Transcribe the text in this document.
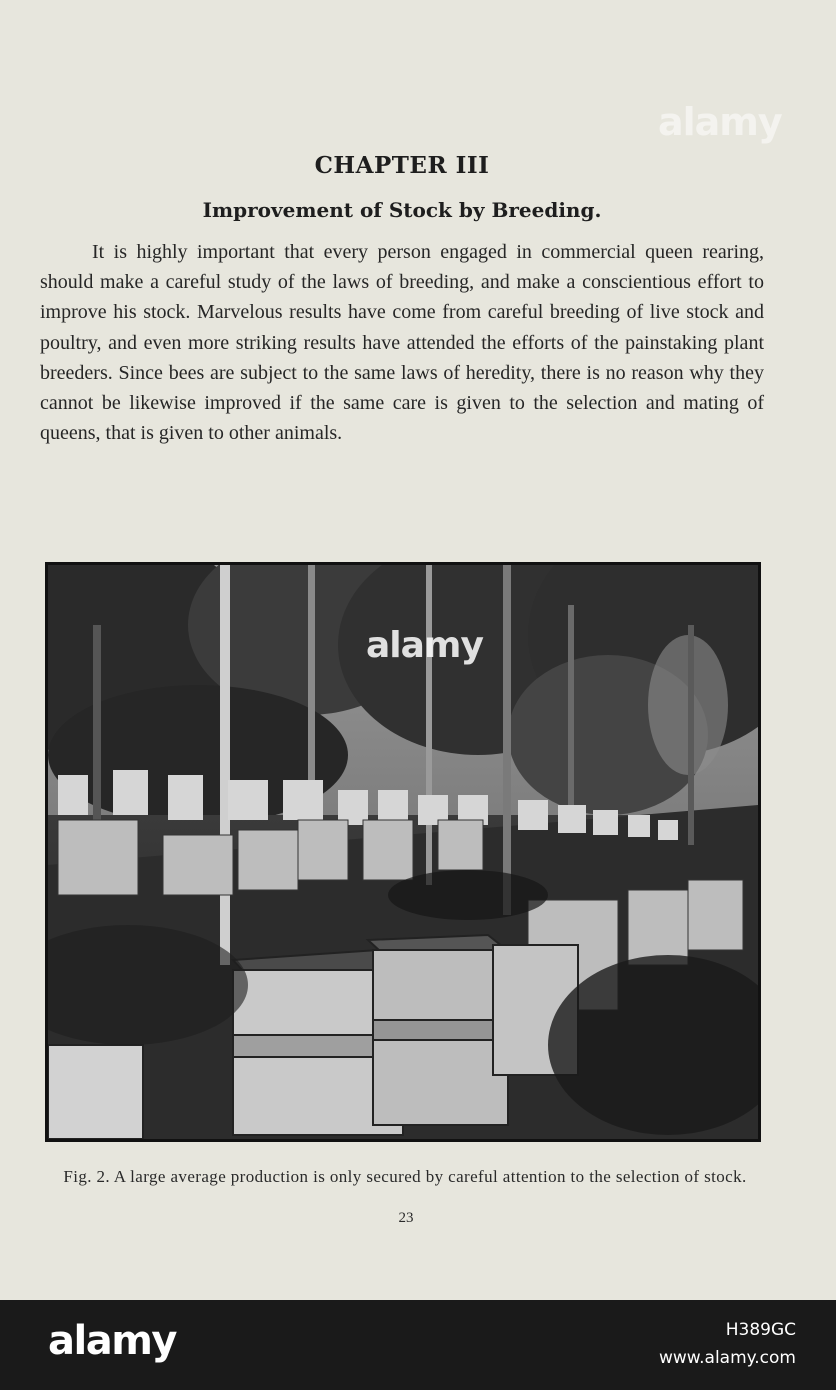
alamy
CHAPTER III
Improvement of Stock by Breeding.
It is highly important that every person engaged in commercial queen rearing, should make a careful study of the laws of breeding, and make a conscientious effort to improve his stock. Marvelous results have come from careful breeding of live stock and poultry, and even more striking results have attended the efforts of the painstaking plant breeders. Since bees are subject to the same laws of heredity, there is no reason why they cannot be likewise improved if the same care is given to the selection and mating of queens, that is given to other animals.
alamy
Fig. 2. A large average production is only secured by careful attention to the selection of stock.
23
alamy	H389GC
www.alamy.com
